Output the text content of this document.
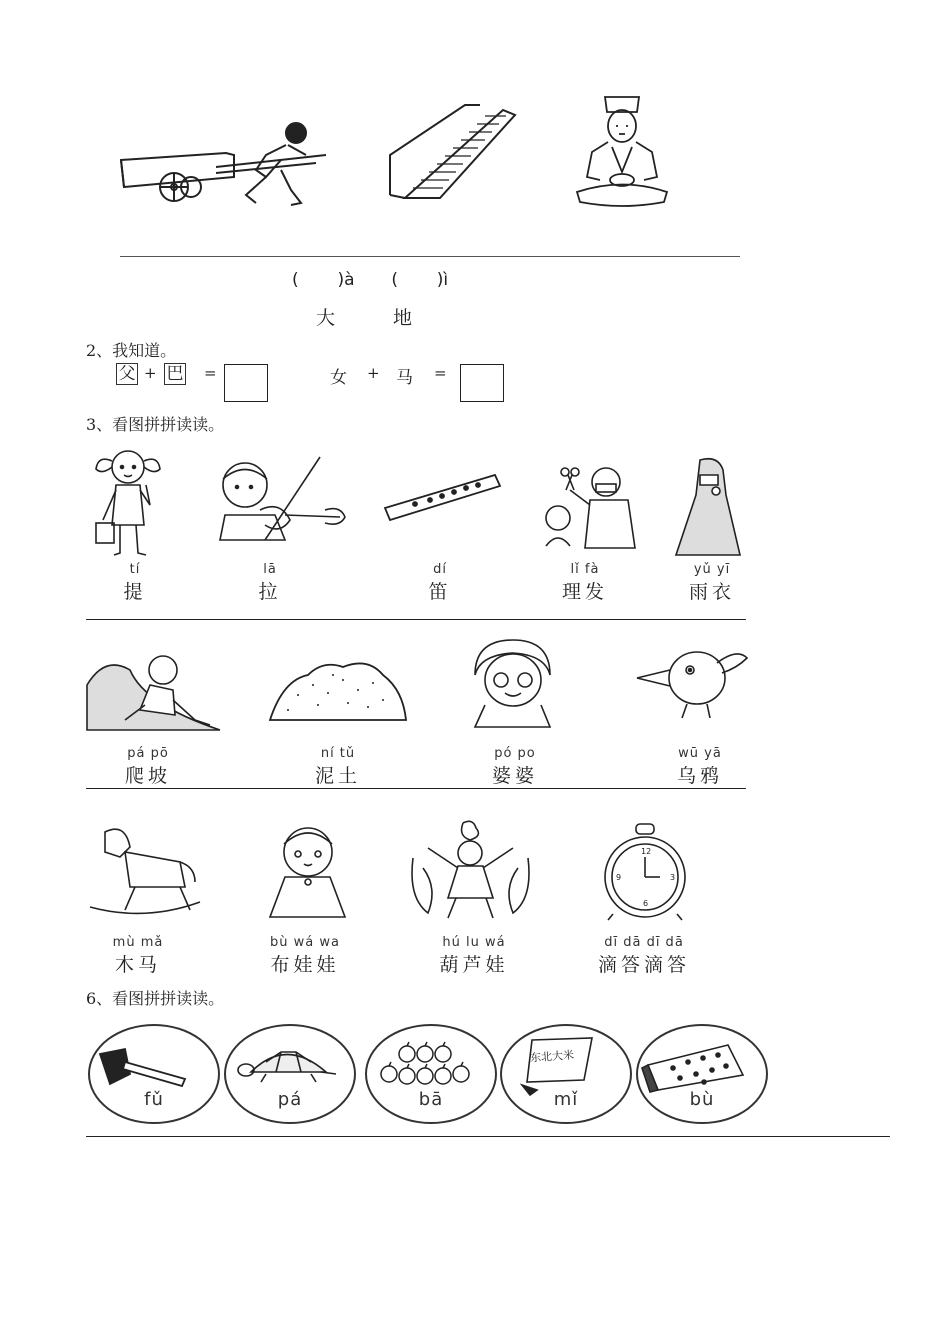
( )à ( )ì
大	地
2、我知道。
父 + 巴 =	女 + 马 =
3、看图拼拼读读。
tí
提
lā
拉
dí
笛
lǐ fà
理发
yǔ yī
雨衣
pá pō
爬坡
ní tǔ
泥土
pó po
婆婆
wū yā
乌鸦
12
3
6
9
mù mǎ
木马
bù wá wa
布娃娃
hú lu wá
葫芦娃
dī dā dī dā
滴答滴答
6、看图拼拼读读。
fǔ	pá	bā
东北大米
mǐ	bù
